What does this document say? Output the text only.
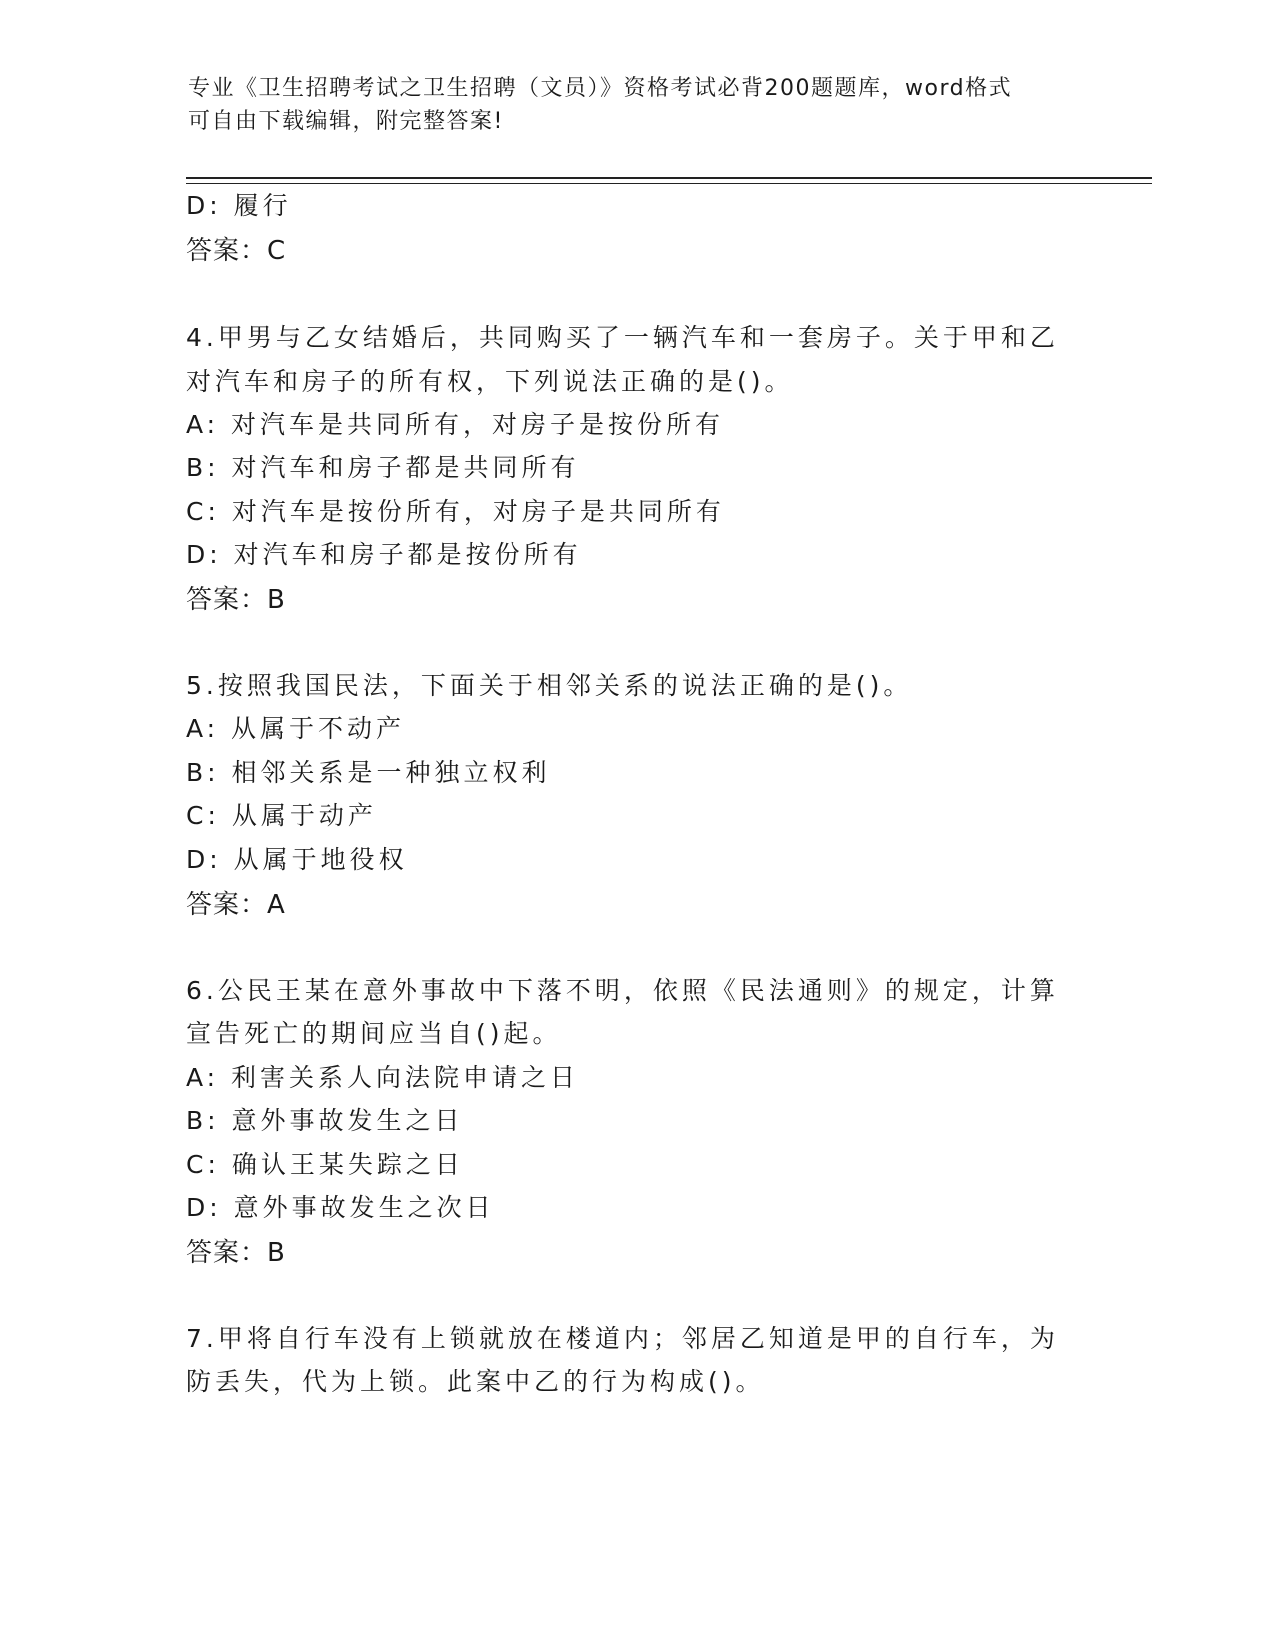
专业《卫生招聘考试之卫生招聘（文员）》资格考试必背200题题库，word格式
可自由下载编辑，附完整答案!
D: 履行
答案：C
4.甲男与乙女结婚后，共同购买了一辆汽车和一套房子。关于甲和乙
对汽车和房子的所有权，下列说法正确的是()。
A: 对汽车是共同所有，对房子是按份所有
B: 对汽车和房子都是共同所有
C: 对汽车是按份所有，对房子是共同所有
D: 对汽车和房子都是按份所有
答案：B
5.按照我国民法，下面关于相邻关系的说法正确的是()。
A: 从属于不动产
B: 相邻关系是一种独立权利
C: 从属于动产
D: 从属于地役权
答案：A
6.公民王某在意外事故中下落不明，依照《民法通则》的规定，计算
宣告死亡的期间应当自()起。
A: 利害关系人向法院申请之日
B: 意外事故发生之日
C: 确认王某失踪之日
D: 意外事故发生之次日
答案：B
7.甲将自行车没有上锁就放在楼道内；邻居乙知道是甲的自行车，为
防丢失，代为上锁。此案中乙的行为构成()。
